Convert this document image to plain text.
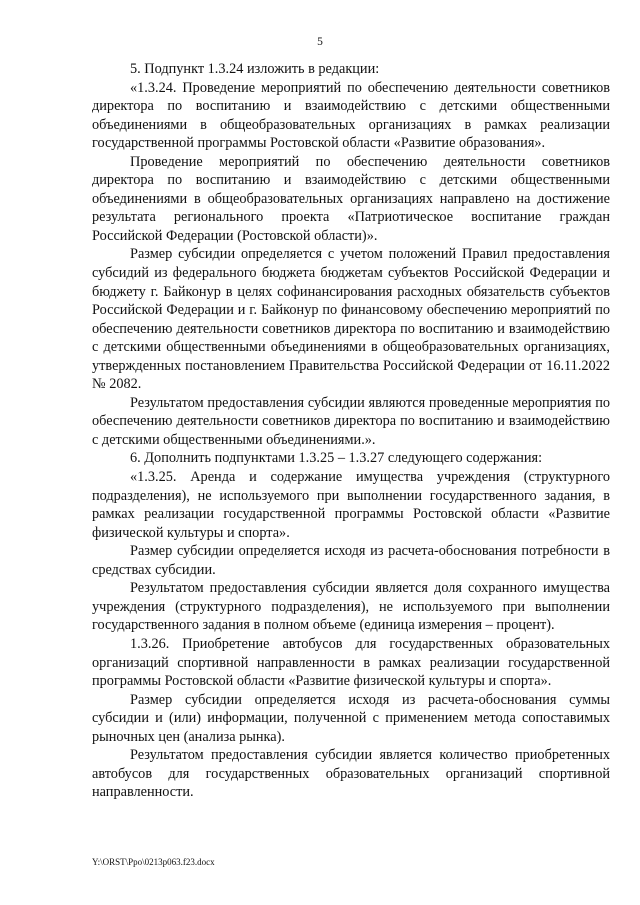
5

5. Подпункт 1.3.24 изложить в редакции:

«1.3.24. Проведение мероприятий по обеспечению деятельности советников директора по воспитанию и взаимодействию с детскими общественными объединениями в общеобразовательных организациях в рамках реализации государственной программы Ростовской области «Развитие образования».

Проведение мероприятий по обеспечению деятельности советников директора по воспитанию и взаимодействию с детскими общественными объединениями в общеобразовательных организациях направлено на достижение результата регионального проекта «Патриотическое воспитание граждан Российской Федерации (Ростовской области)».

Размер субсидии определяется с учетом положений Правил предоставления субсидий из федерального бюджета бюджетам субъектов Российской Федерации и бюджету г. Байконур в целях софинансирования расходных обязательств субъектов Российской Федерации и г. Байконур по финансовому обеспечению мероприятий по обеспечению деятельности советников директора по воспитанию и взаимодействию с детскими общественными объединениями в общеобразовательных организациях, утвержденных постановлением Правительства Российской Федерации от 16.11.2022 № 2082.

Результатом предоставления субсидии являются проведенные мероприятия по обеспечению деятельности советников директора по воспитанию и взаимодействию с детскими общественными объединениями.».

6. Дополнить подпунктами 1.3.25 – 1.3.27 следующего содержания:

«1.3.25. Аренда и содержание имущества учреждения (структурного подразделения), не используемого при выполнении государственного задания, в рамках реализации государственной программы Ростовской области «Развитие физической культуры и спорта».

Размер субсидии определяется исходя из расчета-обоснования потребности в средствах субсидии.

Результатом предоставления субсидии является доля сохранного имущества учреждения (структурного подразделения), не используемого при выполнении государственного задания в полном объеме (единица измерения – процент).

1.3.26. Приобретение автобусов для государственных образовательных организаций спортивной направленности в рамках реализации государственной программы Ростовской области «Развитие физической культуры и спорта».

Размер субсидии определяется исходя из расчета-обоснования суммы субсидии и (или) информации, полученной с применением метода сопоставимых рыночных цен (анализа рынка).

Результатом предоставления субсидии является количество приобретенных автобусов для государственных образовательных организаций спортивной направленности.

Y:\ORST\Ppo\0213p063.f23.docx
